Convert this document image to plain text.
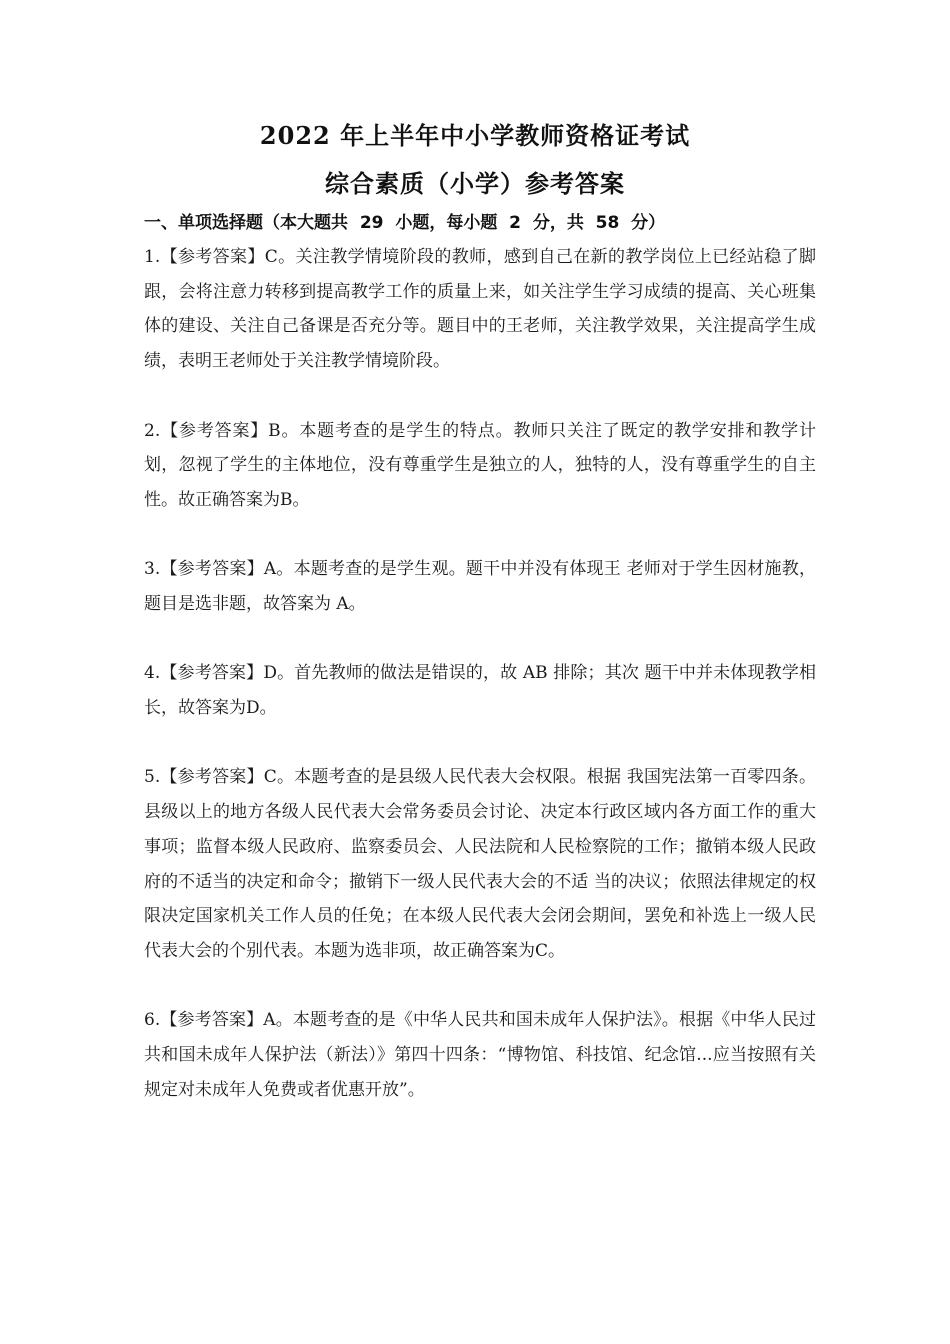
2022 年上半年中小学教师资格证考试
综合素质（小学）参考答案
一、单项选择题（本大题共  29  小题，每小题  2  分，共  58  分）

1.【参考答案】C。关注教学情境阶段的教师，感到自己在新的教学岗位上已经站稳了脚跟，会将注意力转移到提高教学工作的质量上来，如关注学生学习成绩的提高、关心班集体的建设、关注自己备课是否充分等。题目中的王老师，关注教学效果，关注提高学生成绩，表明王老师处于关注教学情境阶段。

2.【参考答案】B。本题考查的是学生的特点。教师只关注了既定的教学安排和教学计划，忽视了学生的主体地位，没有尊重学生是独立的人，独特的人，没有尊重学生的自主性。故正确答案为B。

3.【参考答案】A。本题考查的是学生观。题干中并没有体现王 老师对于学生因材施教，题目是选非题，故答案为 A。

4.【参考答案】D。首先教师的做法是错误的，故 AB 排除；其次 题干中并未体现教学相长，故答案为D。

5.【参考答案】C。本题考查的是县级人民代表大会权限。根据 我国宪法第一百零四条。县级以上的地方各级人民代表大会常务委员会讨论、决定本行政区域内各方面工作的重大事项；监督本级人民政府、监察委员会、人民法院和人民检察院的工作；撤销本级人民政府的不适当的决定和命令；撤销下一级人民代表大会的不适 当的决议；依照法律规定的权限决定国家机关工作人员的任免；在本级人民代表大会闭会期间，罢免和补选上一级人民代表大会的个别代表。本题为选非项，故正确答案为C。

6.【参考答案】A。本题考查的是《中华人民共和国未成年人保护法》。根据《中华人民过共和国未成年人保护法（新法）》第四十四条：“博物馆、科技馆、纪念馆...应当按照有关规定对未成年人免费或者优惠开放”。
